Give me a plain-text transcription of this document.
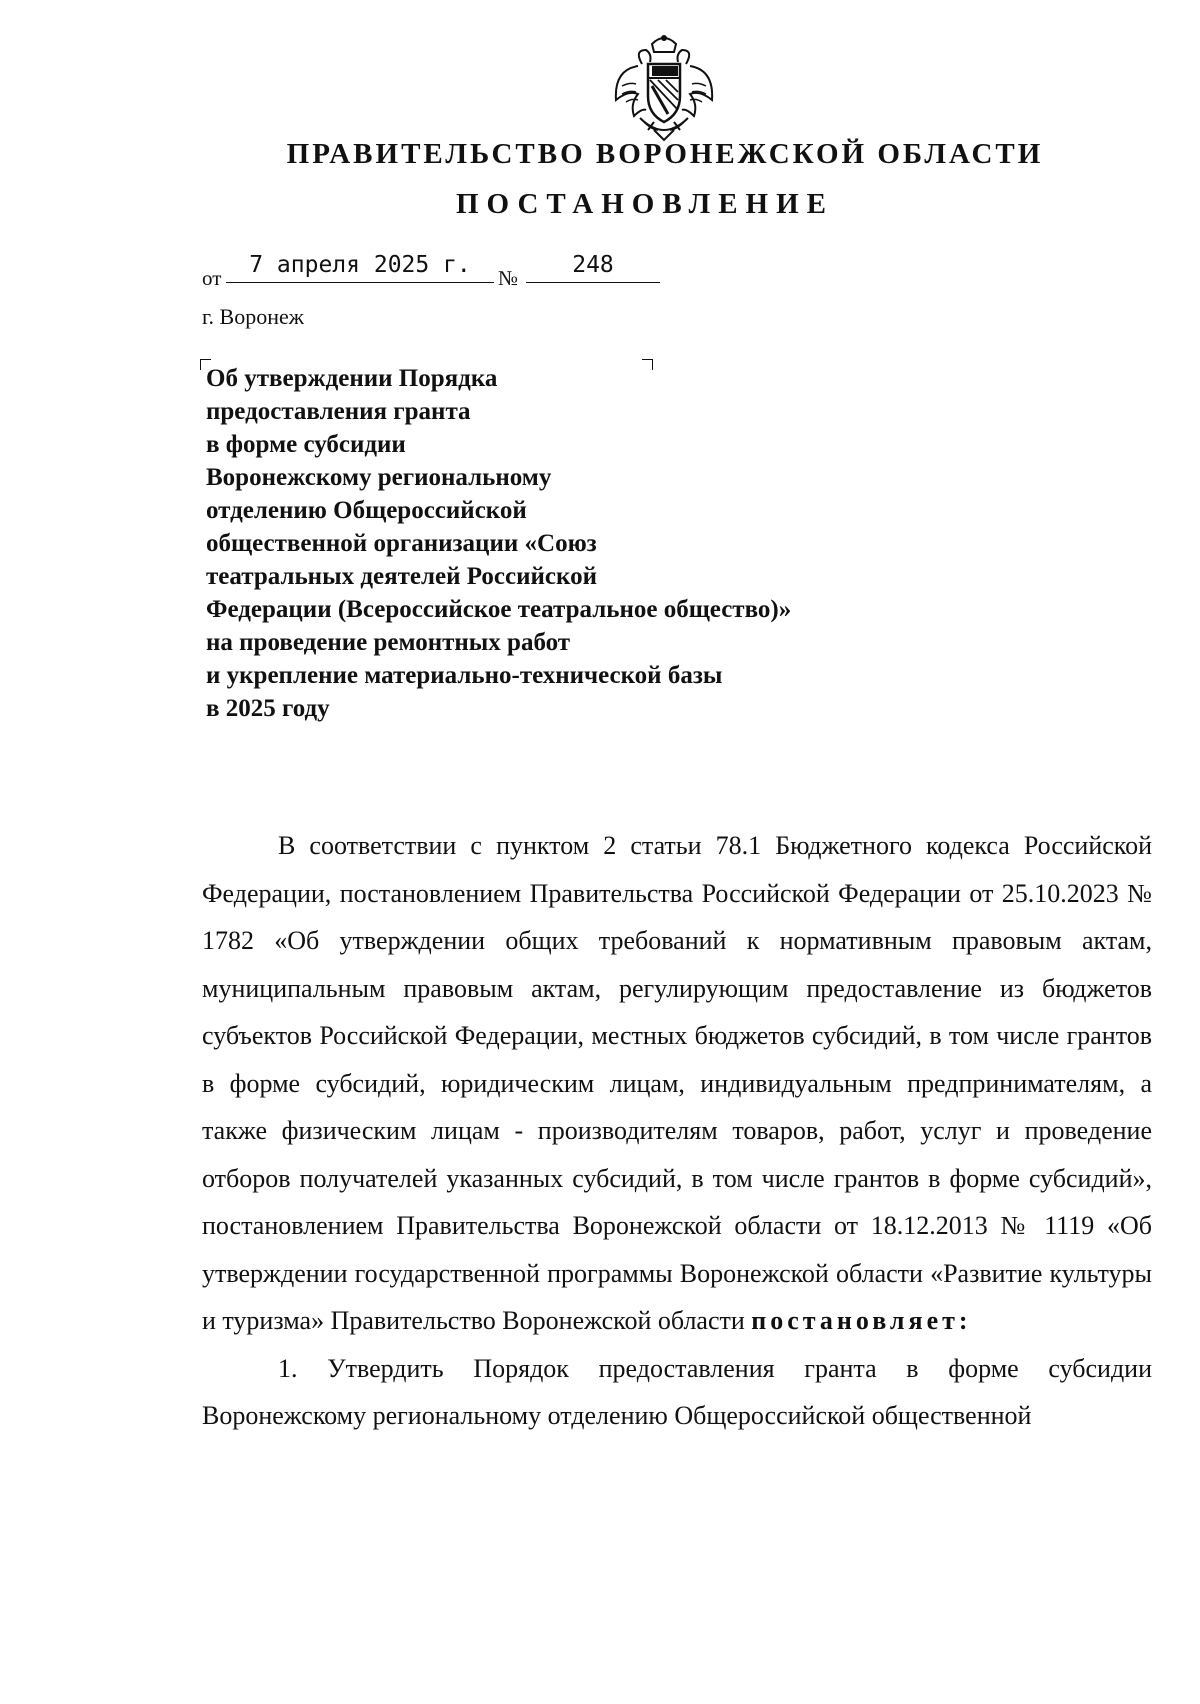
ПРАВИТЕЛЬСТВО ВОРОНЕЖСКОЙ ОБЛАСТИ
ПОСТАНОВЛЕНИЕ
от	7 апреля 2025 г.	№	248
г. Воронеж
Об утверждении Порядка
предоставления гранта
в форме субсидии
Воронежскому региональному
отделению Общероссийской
общественной организации «Союз
театральных деятелей Российской
Федерации (Всероссийское театральное общество)»
на проведение ремонтных работ
и укрепление материально-технической базы
в 2025 году

В соответствии с пунктом 2 статьи 78.1 Бюджетного кодекса Российской Федерации, постановлением Правительства Российской Федерации от 25.10.2023 № 1782 «Об утверждении общих требований к нормативным правовым актам, муниципальным правовым актам, регулирующим предоставление из бюджетов субъектов Российской Федерации, местных бюджетов субсидий, в том числе грантов в форме субсидий, юридическим лицам, индивидуальным предпринимателям, а также физическим лицам - производителям товаров, работ, услуг и проведение отборов получателей указанных субсидий, в том числе грантов в форме субсидий», постановлением Правительства Воронежской области от 18.12.2013 № 1119 «Об утверждении государственной программы Воронежской области «Развитие культуры и туризма» Правительство Воронежской области постановляет:

1. Утвердить Порядок предоставления гранта в форме субсидии Воронежскому региональному отделению Общероссийской общественной
